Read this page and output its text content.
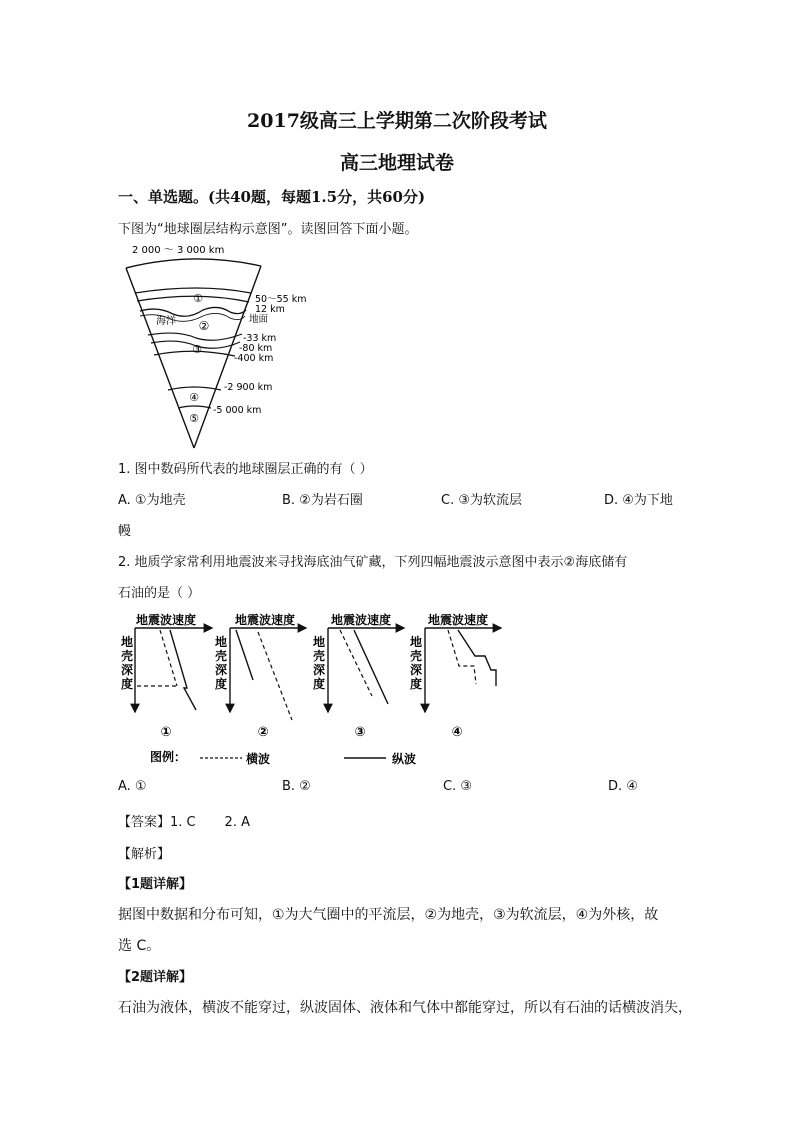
2017级高三上学期第二次阶段考试
高三地理试卷
一、单选题。(共40题，每题1.5分，共60分)
下图为“地球圈层结构示意图”。读图回答下面小题。
2 000 ～ 3 000 km
①
②
③
④
⑤
海洋
50～55 km
12 km
地面
-33 km
-80 km
-400 km
-2 900 km
-5 000 km
1. 图中数码所代表的地球圈层正确的有（ ）
A. ①为地壳	B. ②为岩石圈	C. ③为软流层	D. ④为下地
幔
2. 地质学家常利用地震波来寻找海底油气矿藏，下列四幅地震波示意图中表示②海底储有
石油的是（ ）
地震波速度
地
壳
深
度
①
地震波速度
地
壳
深
度
②
地震波速度
地
壳
深
度
③
地震波速度
地
壳
深
度
④
图例：	横波	纵波
A. ①	B. ②	C. ③	D. ④
【答案】1. C       2. A
【解析】
【1题详解】
据图中数据和分布可知，①为大气圈中的平流层，②为地壳，③为软流层，④为外核，故
选 C。
【2题详解】
石油为液体，横波不能穿过，纵波固体、液体和气体中都能穿过，所以有石油的话横波消失，
